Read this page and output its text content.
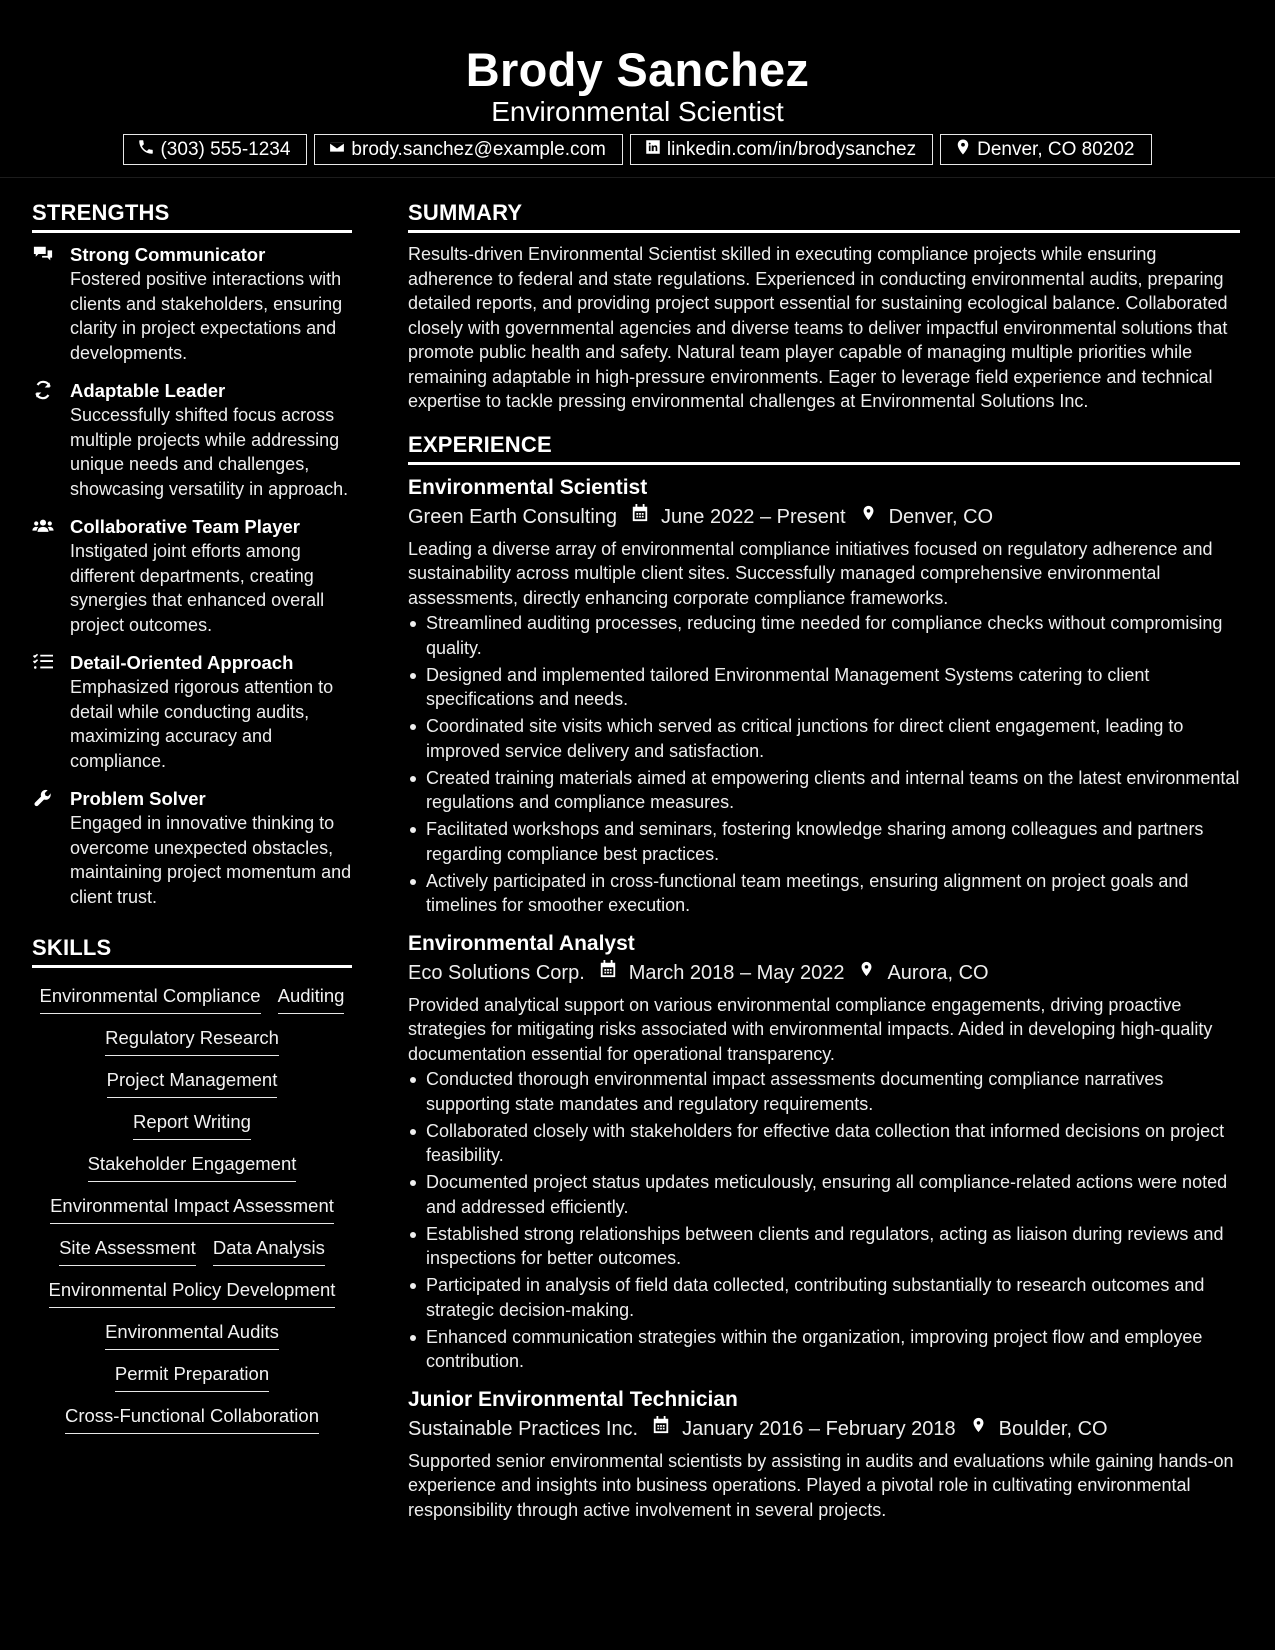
Brody Sanchez
Environmental Scientist
(303) 555-1234	brody.sanchez@example.com	linkedin.com/in/brodysanchez	Denver, CO 80202
STRENGTHS
Strong Communicator
Fostered positive interactions with clients and stakeholders, ensuring clarity in project expectations and developments.
Adaptable Leader
Successfully shifted focus across multiple projects while addressing unique needs and challenges, showcasing versatility in approach.
Collaborative Team Player
Instigated joint efforts among different departments, creating synergies that enhanced overall project outcomes.
Detail-Oriented Approach
Emphasized rigorous attention to detail while conducting audits, maximizing accuracy and compliance.
Problem Solver
Engaged in innovative thinking to overcome unexpected obstacles, maintaining project momentum and client trust.
SKILLS
Environmental Compliance Auditing
Regulatory Research
Project Management
Report Writing
Stakeholder Engagement
Environmental Impact Assessment
Site Assessment Data Analysis
Environmental Policy Development
Environmental Audits
Permit Preparation
Cross-Functional Collaboration
SUMMARY
Results-driven Environmental Scientist skilled in executing compliance projects while ensuring adherence to federal and state regulations. Experienced in conducting environmental audits, preparing detailed reports, and providing project support essential for sustaining ecological balance. Collaborated closely with governmental agencies and diverse teams to deliver impactful environmental solutions that promote public health and safety. Natural team player capable of managing multiple priorities while remaining adaptable in high-pressure environments. Eager to leverage field experience and technical expertise to tackle pressing environmental challenges at Environmental Solutions Inc.
EXPERIENCE
Environmental Scientist
Green Earth Consulting June 2022 – Present Denver, CO
Leading a diverse array of environmental compliance initiatives focused on regulatory adherence and sustainability across multiple client sites. Successfully managed comprehensive environmental assessments, directly enhancing corporate compliance frameworks.
Streamlined auditing processes, reducing time needed for compliance checks without compromising quality.
Designed and implemented tailored Environmental Management Systems catering to client specifications and needs.
Coordinated site visits which served as critical junctions for direct client engagement, leading to improved service delivery and satisfaction.
Created training materials aimed at empowering clients and internal teams on the latest environmental regulations and compliance measures.
Facilitated workshops and seminars, fostering knowledge sharing among colleagues and partners regarding compliance best practices.
Actively participated in cross-functional team meetings, ensuring alignment on project goals and timelines for smoother execution.
Environmental Analyst
Eco Solutions Corp. March 2018 – May 2022 Aurora, CO
Provided analytical support on various environmental compliance engagements, driving proactive strategies for mitigating risks associated with environmental impacts. Aided in developing high-quality documentation essential for operational transparency.
Conducted thorough environmental impact assessments documenting compliance narratives supporting state mandates and regulatory requirements.
Collaborated closely with stakeholders for effective data collection that informed decisions on project feasibility.
Documented project status updates meticulously, ensuring all compliance-related actions were noted and addressed efficiently.
Established strong relationships between clients and regulators, acting as liaison during reviews and inspections for better outcomes.
Participated in analysis of field data collected, contributing substantially to research outcomes and strategic decision-making.
Enhanced communication strategies within the organization, improving project flow and employee contribution.
Junior Environmental Technician
Sustainable Practices Inc. January 2016 – February 2018 Boulder, CO
Supported senior environmental scientists by assisting in audits and evaluations while gaining hands-on experience and insights into business operations. Played a pivotal role in cultivating environmental responsibility through active involvement in several projects.
